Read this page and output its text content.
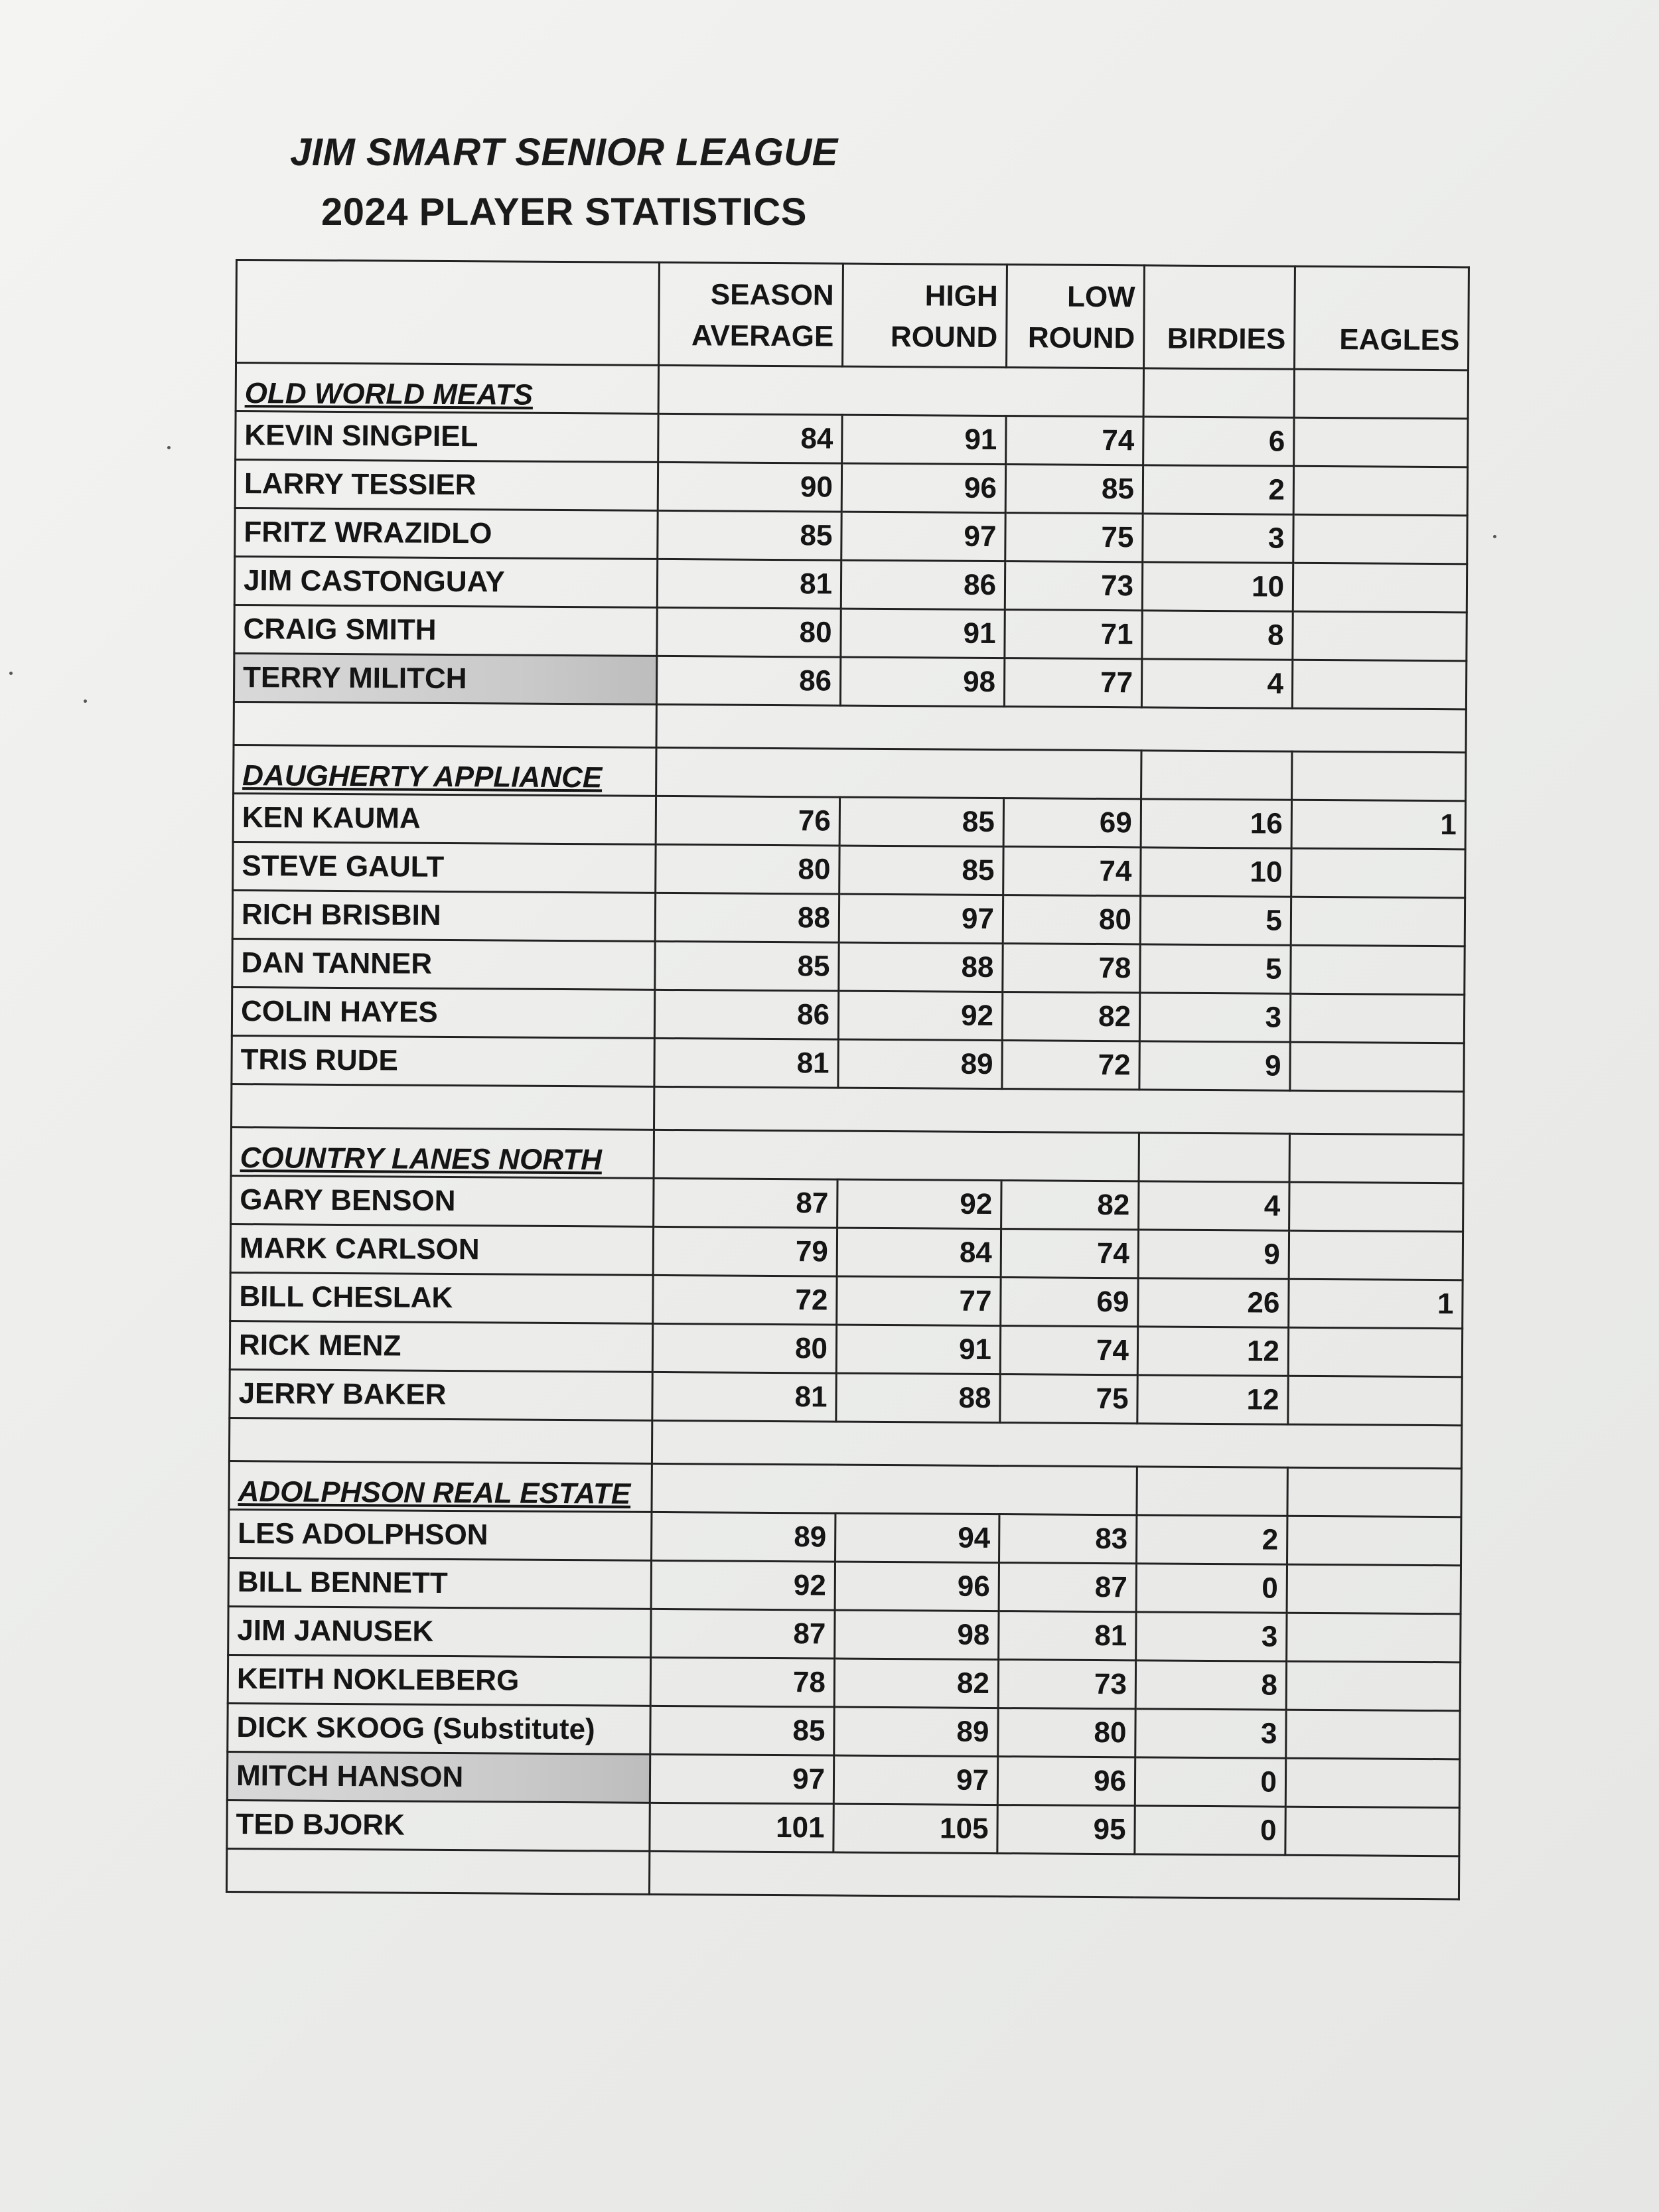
JIM SMART SENIOR LEAGUE
2024 PLAYER STATISTICS
	SEASON AVERAGE	HIGH ROUND	LOW ROUND	BIRDIES	EAGLES
OLD WORLD MEATS					
KEVIN SINGPIEL	84	91	74	6	
LARRY TESSIER	90	96	85	2	
FRITZ WRAZIDLO	85	97	75	3	
JIM CASTONGUAY	81	86	73	10	
CRAIG SMITH	80	91	71	8	
TERRY MILITCH	86	98	77	4	

DAUGHERTY APPLIANCE					
KEN KAUMA	76	85	69	16	1
STEVE GAULT	80	85	74	10	
RICH BRISBIN	88	97	80	5	
DAN TANNER	85	88	78	5	
COLIN HAYES	86	92	82	3	
TRIS RUDE	81	89	72	9	

COUNTRY LANES NORTH					
GARY BENSON	87	92	82	4	
MARK CARLSON	79	84	74	9	
BILL CHESLAK	72	77	69	26	1
RICK MENZ	80	91	74	12	
JERRY BAKER	81	88	75	12	

ADOLPHSON REAL ESTATE					
LES ADOLPHSON	89	94	83	2	
BILL BENNETT	92	96	87	0	
JIM JANUSEK	87	98	81	3	
KEITH NOKLEBERG	78	82	73	8	
DICK SKOOG (Substitute)	85	89	80	3	
MITCH HANSON	97	97	96	0	
TED BJORK	101	105	95	0	
